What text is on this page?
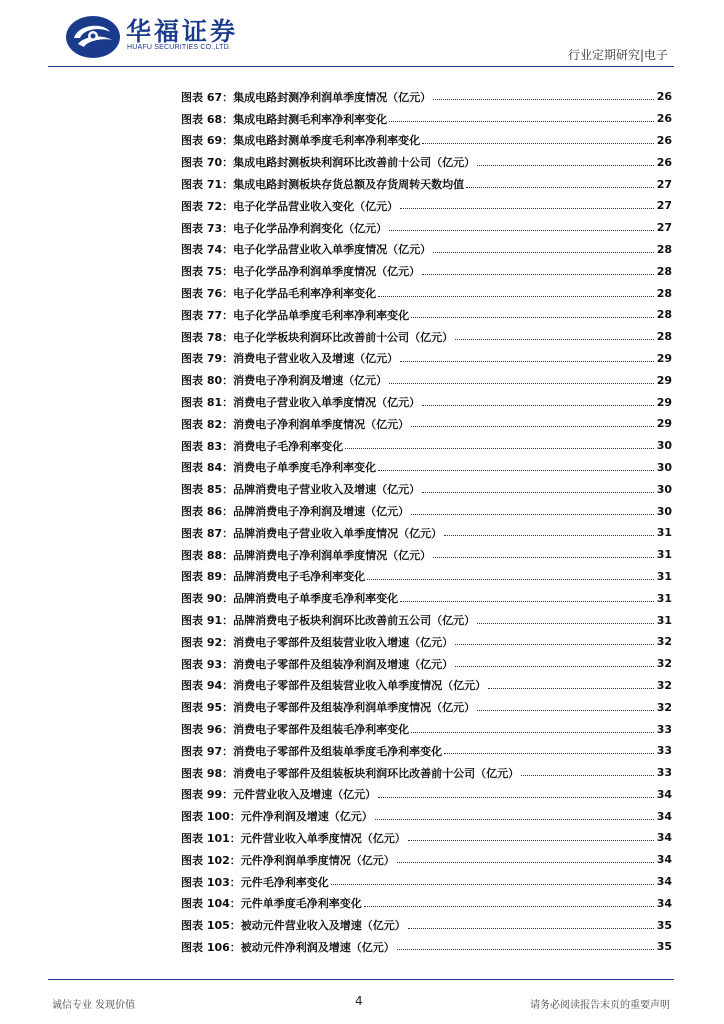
华福证券
HUAFU SECURITIES CO.,LTD.
行业定期研究|电子
图表 67：集成电路封测净利润单季度情况（亿元）	26
图表 68：集成电路封测毛利率净利率变化	26
图表 69：集成电路封测单季度毛利率净利率变化	26
图表 70：集成电路封测板块利润环比改善前十公司（亿元）	26
图表 71：集成电路封测板块存货总额及存货周转天数均值	27
图表 72：电子化学品营业收入变化（亿元）	27
图表 73：电子化学品净利润变化（亿元）	27
图表 74：电子化学品营业收入单季度情况（亿元）	28
图表 75：电子化学品净利润单季度情况（亿元）	28
图表 76：电子化学品毛利率净利率变化	28
图表 77：电子化学品单季度毛利率净利率变化	28
图表 78：电子化学板块利润环比改善前十公司（亿元）	28
图表 79：消费电子营业收入及增速（亿元）	29
图表 80：消费电子净利润及增速（亿元）	29
图表 81：消费电子营业收入单季度情况（亿元）	29
图表 82：消费电子净利润单季度情况（亿元）	29
图表 83：消费电子毛净利率变化	30
图表 84：消费电子单季度毛净利率变化	30
图表 85：品牌消费电子营业收入及增速（亿元）	30
图表 86：品牌消费电子净利润及增速（亿元）	30
图表 87：品牌消费电子营业收入单季度情况（亿元）	31
图表 88：品牌消费电子净利润单季度情况（亿元）	31
图表 89：品牌消费电子毛净利率变化	31
图表 90：品牌消费电子单季度毛净利率变化	31
图表 91：品牌消费电子板块利润环比改善前五公司（亿元）	31
图表 92：消费电子零部件及组装营业收入增速（亿元）	32
图表 93：消费电子零部件及组装净利润及增速（亿元）	32
图表 94：消费电子零部件及组装营业收入单季度情况（亿元）	32
图表 95：消费电子零部件及组装净利润单季度情况（亿元）	32
图表 96：消费电子零部件及组装毛净利率变化	33
图表 97：消费电子零部件及组装单季度毛净利率变化	33
图表 98：消费电子零部件及组装板块利润环比改善前十公司（亿元）	33
图表 99：元件营业收入及增速（亿元）	34
图表 100：元件净利润及增速（亿元）	34
图表 101：元件营业收入单季度情况（亿元）	34
图表 102：元件净利润单季度情况（亿元）	34
图表 103：元件毛净利率变化	34
图表 104：元件单季度毛净利率变化	34
图表 105：被动元件营业收入及增速（亿元）	35
图表 106：被动元件净利润及增速（亿元）	35
诚信专业 发现价值	4	请务必阅读报告末页的重要声明
